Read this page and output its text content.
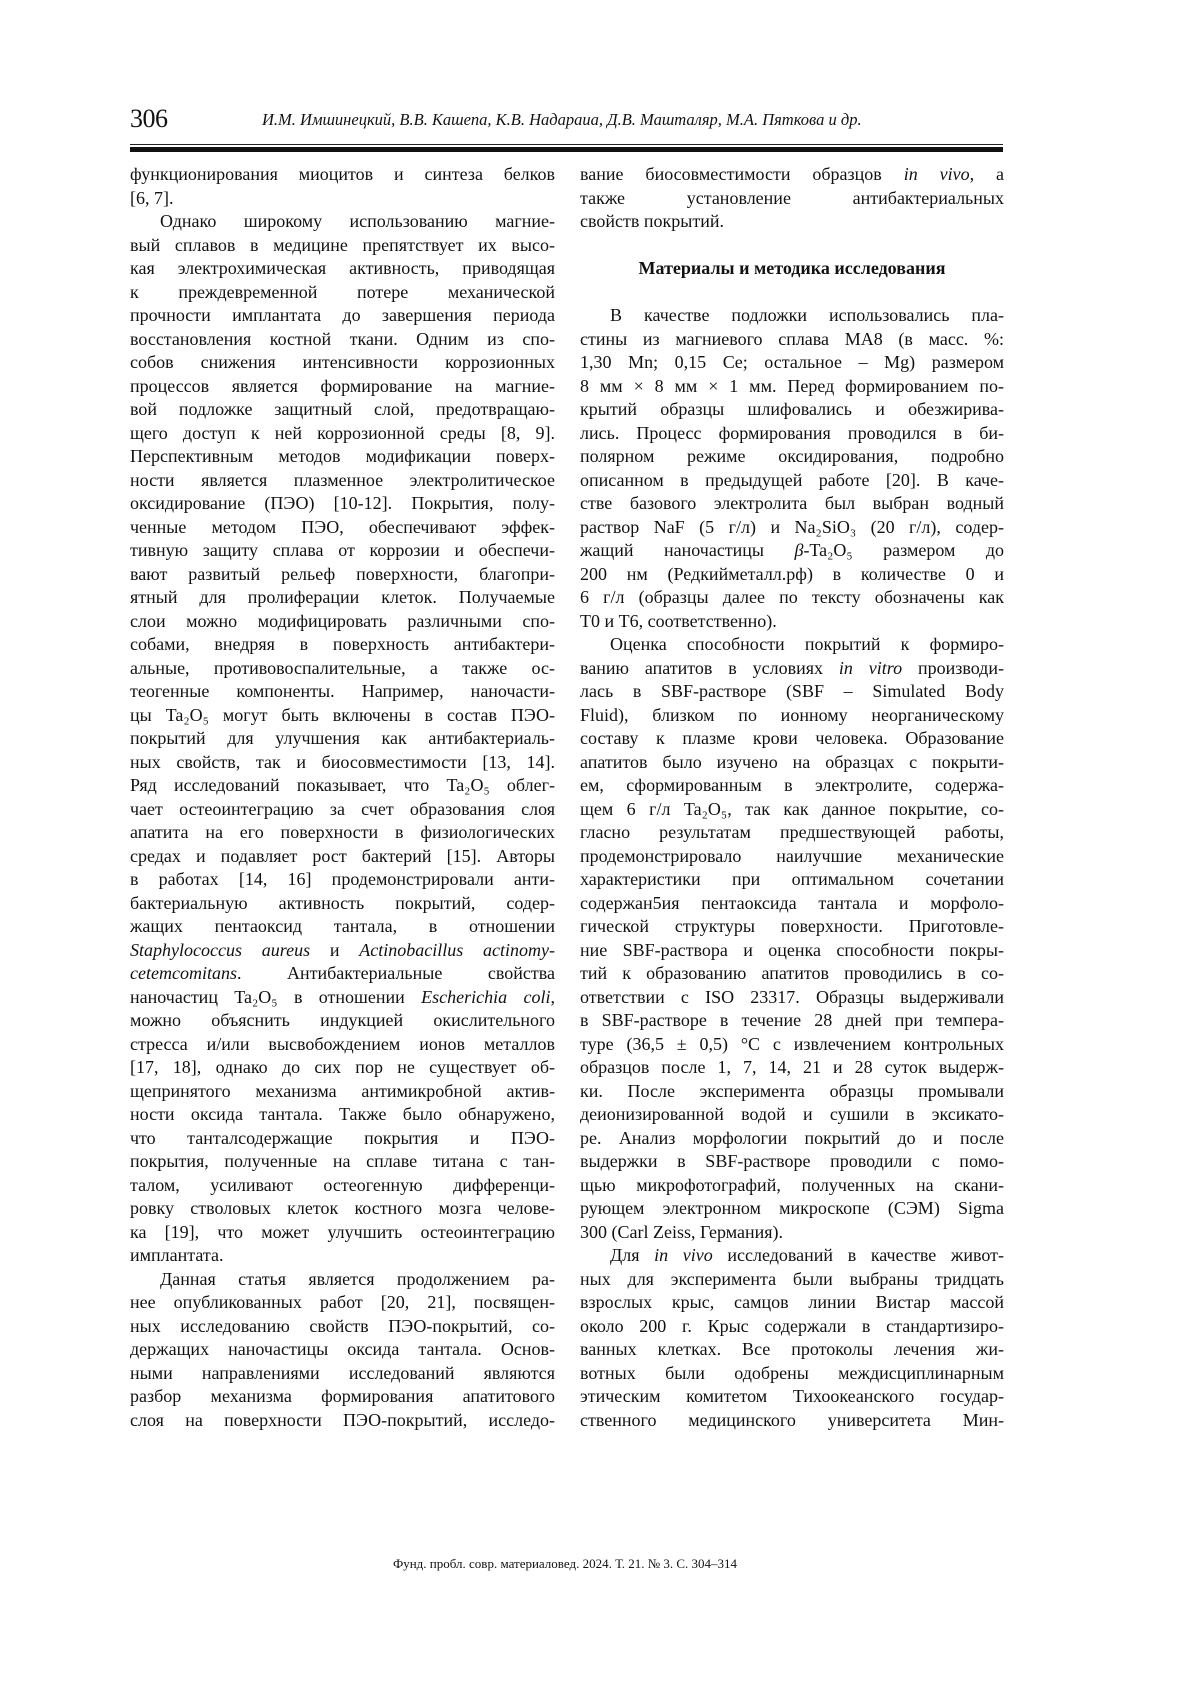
306	И.М. Имшинецкий, В.В. Кашепа, К.В. Надараиа, Д.В. Машталяр, М.А. Пяткова и др.
функционирования миоцитов и синтеза белков
[6, 7].
Однако широкому использованию магние-
вый сплавов в медицине препятствует их высо-
кая электрохимическая активность, приводящая
к преждевременной потере механической
прочности имплантата до завершения периода
восстановления костной ткани. Одним из спо-
собов снижения интенсивности коррозионных
процессов является формирование на магние-
вой подложке защитный слой, предотвращаю-
щего доступ к ней коррозионной среды [8, 9].
Перспективным методов модификации поверх-
ности является плазменное электролитическое
оксидирование (ПЭО) [10-12]. Покрытия, полу-
ченные методом ПЭО, обеспечивают эффек-
тивную защиту сплава от коррозии и обеспечи-
вают развитый рельеф поверхности, благопри-
ятный для пролиферации клеток. Получаемые
слои можно модифицировать различными спо-
собами, внедряя в поверхность антибактери-
альные, противовоспалительные, а также ос-
теогенные компоненты. Например, наночасти-
цы Ta₂O₅ могут быть включены в состав ПЭО-
покрытий для улучшения как антибактериаль-
ных свойств, так и биосовместимости [13, 14].
Ряд исследований показывает, что Ta₂O₅ облег-
чает остеоинтеграцию за счет образования слоя
апатита на его поверхности в физиологических
средах и подавляет рост бактерий [15]. Авторы
в работах [14, 16] продемонстрировали анти-
бактериальную активность покрытий, содер-
жащих пентаоксид тантала, в отношении
Staphylococcus aureus и Actinobacillus actinomy-
cetemcomitans. Антибактериальные свойства
наночастиц Ta₂O₅ в отношении Escherichia coli,
можно объяснить индукцией окислительного
стресса и/или высвобождением ионов металлов
[17, 18], однако до сих пор не существует об-
щепринятого механизма антимикробной актив-
ности оксида тантала. Также было обнаружено,
что танталсодержащие покрытия и ПЭО-
покрытия, полученные на сплаве титана с тан-
талом, усиливают остеогенную дифференци-
ровку стволовых клеток костного мозга челове-
ка [19], что может улучшить остеоинтеграцию
имплантата.
Данная статья является продолжением ра-
нее опубликованных работ [20, 21], посвящен-
ных исследованию свойств ПЭО-покрытий, со-
держащих наночастицы оксида тантала. Основ-
ными направлениями исследований являются
разбор механизма формирования апатитового
слоя на поверхности ПЭО-покрытий, исследо-
вание биосовместимости образцов in vivo, а
также установление антибактериальных
свойств покрытий.
Материалы и методика исследования
В качестве подложки использовались пла-
стины из магниевого сплава МА8 (в масс. %:
1,30 Mn; 0,15 Ce; остальное – Mg) размером
8 мм × 8 мм × 1 мм. Перед формированием по-
крытий образцы шлифовались и обезжирива-
лись. Процесс формирования проводился в би-
полярном режиме оксидирования, подробно
описанном в предыдущей работе [20]. В каче-
стве базового электролита был выбран водный
раствор NaF (5 г/л) и Na₂SiO₃ (20 г/л), содер-
жащий наночастицы β-Ta₂O₅ размером до
200 нм (Редкийметалл.рф) в количестве 0 и
6 г/л (образцы далее по тексту обозначены как
T0 и T6, соответственно).
Оценка способности покрытий к формиро-
ванию апатитов в условиях in vitro производи-
лась в SBF-растворе (SBF – Simulated Body
Fluid), близком по ионному неорганическому
составу к плазме крови человека. Образование
апатитов было изучено на образцах с покрыти-
ем, сформированным в электролите, содержа-
щем 6 г/л Ta₂O₅, так как данное покрытие, со-
гласно результатам предшествующей работы,
продемонстрировало наилучшие механические
характеристики при оптимальном сочетании
содержан5ия пентаоксида тантала и морфоло-
гической структуры поверхности. Приготовле-
ние SBF-раствора и оценка способности покры-
тий к образованию апатитов проводились в со-
ответствии с ISO 23317. Образцы выдерживали
в SBF-растворе в течение 28 дней при темпера-
туре (36,5 ± 0,5) °C с извлечением контрольных
образцов после 1, 7, 14, 21 и 28 суток выдерж-
ки. После эксперимента образцы промывали
деионизированной водой и сушили в эксикато-
ре. Анализ морфологии покрытий до и после
выдержки в SBF-растворе проводили с помо-
щью микрофотографий, полученных на скани-
рующем электронном микроскопе (СЭМ) Sigma
300 (Carl Zeiss, Германия).
Для in vivo исследований в качестве живот-
ных для эксперимента были выбраны тридцать
взрослых крыс, самцов линии Вистар массой
около 200 г. Крыс содержали в стандартизиро-
ванных клетках. Все протоколы лечения жи-
вотных были одобрены междисциплинарным
этическим комитетом Тихоокеанского государ-
ственного медицинского университета Мин-
Фунд. пробл. совр. материаловед. 2024. Т. 21. № 3. С. 304–314
